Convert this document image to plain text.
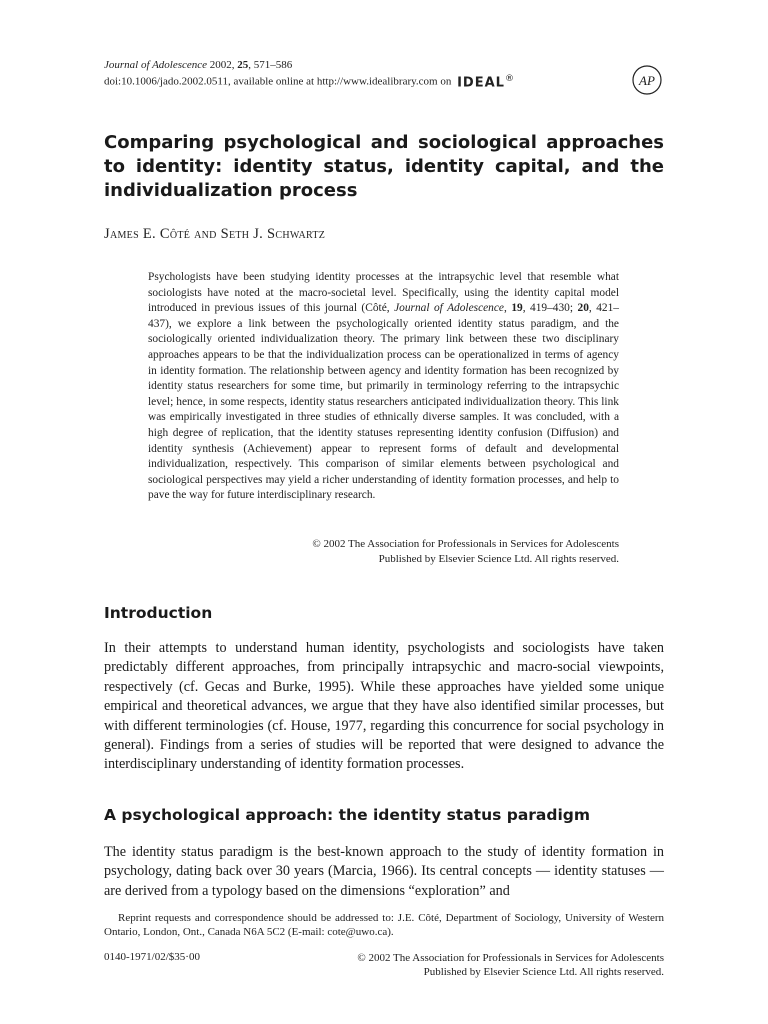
Journal of Adolescence 2002, 25, 571–586
doi:10.1006/jado.2002.0511, available online at http://www.idealibrary.com on IDEAL®	AP
Comparing psychological and sociological approaches to identity: identity status, identity capital, and the individualization process

James E. Côté and Seth J. Schwartz

Psychologists have been studying identity processes at the intrapsychic level that resemble what sociologists have noted at the macro-societal level. Specifically, using the identity capital model introduced in previous issues of this journal (Côté, Journal of Adolescence, 19, 419–430; 20, 421–437), we explore a link between the psychologically oriented identity status paradigm, and the sociologically oriented individualization theory. The primary link between these two disciplinary approaches appears to be that the individualization process can be operationalized in terms of agency in identity formation. The relationship between agency and identity formation has been recognized by identity status researchers for some time, but primarily in terminology referring to the intrapsychic level; hence, in some respects, identity status researchers anticipated individualization theory. This link was empirically investigated in three studies of ethnically diverse samples. It was concluded, with a high degree of replication, that the identity statuses representing identity confusion (Diffusion) and identity synthesis (Achievement) appear to represent forms of default and developmental individualization, respectively. This comparison of similar elements between psychological and sociological perspectives may yield a richer understanding of identity formation processes, and help to pave the way for future interdisciplinary research.

© 2002 The Association for Professionals in Services for Adolescents
Published by Elsevier Science Ltd. All rights reserved.
Introduction

In their attempts to understand human identity, psychologists and sociologists have taken predictably different approaches, from principally intrapsychic and macro-social viewpoints, respectively (cf. Gecas and Burke, 1995). While these approaches have yielded some unique empirical and theoretical advances, we argue that they have also identified similar processes, but with different terminologies (cf. House, 1977, regarding this concurrence for social psychology in general). Findings from a series of studies will be reported that were designed to advance the interdisciplinary understanding of identity formation processes.

A psychological approach: the identity status paradigm

The identity status paradigm is the best-known approach to the study of identity formation in psychology, dating back over 30 years (Marcia, 1966). Its central concepts — identity statuses — are derived from a typology based on the dimensions “exploration” and

Reprint requests and correspondence should be addressed to: J.E. Côté, Department of Sociology, University of Western Ontario, London, Ont., Canada N6A 5C2 (E-mail: cote@uwo.ca).

0140-1971/02/$35·00	© 2002 The Association for Professionals in Services for Adolescents
Published by Elsevier Science Ltd. All rights reserved.
